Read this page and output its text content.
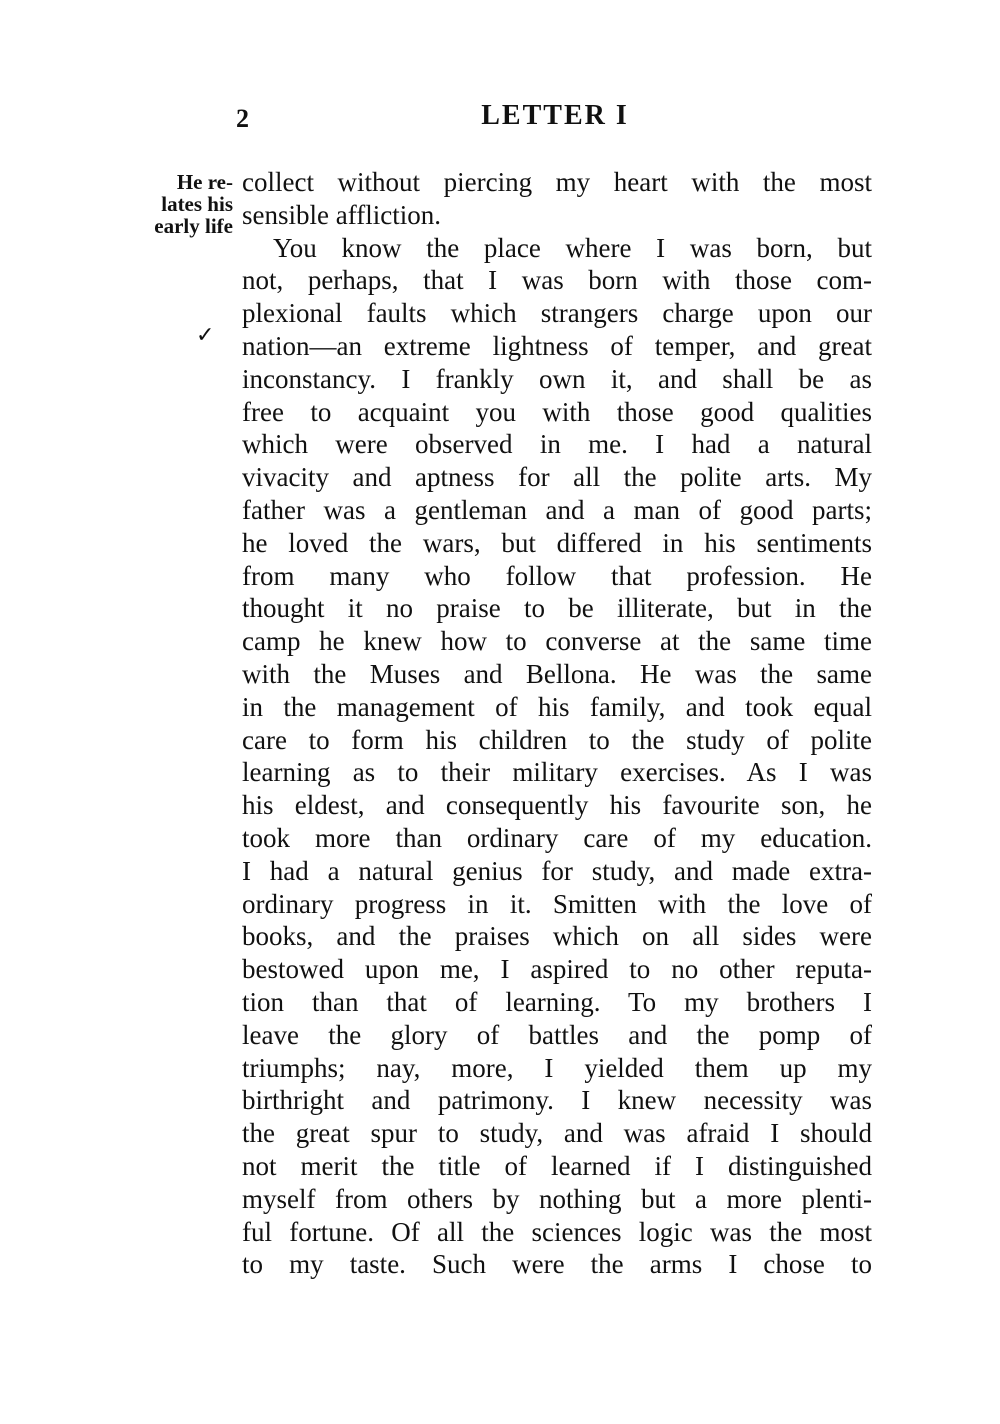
2	LETTER I
He re-
lates his
early life
✓
collect without piercing my heart with the most
sensible affliction.
You know the place where I was born, but
not, perhaps, that I was born with those com-
plexional faults which strangers charge upon our
nation—an extreme lightness of temper, and great
inconstancy. I frankly own it, and shall be as
free to acquaint you with those good qualities
which were observed in me. I had a natural
vivacity and aptness for all the polite arts. My
father was a gentleman and a man of good parts;
he loved the wars, but differed in his sentiments
from many who follow that profession. He
thought it no praise to be illiterate, but in the
camp he knew how to converse at the same time
with the Muses and Bellona. He was the same
in the management of his family, and took equal
care to form his children to the study of polite
learning as to their military exercises. As I was
his eldest, and consequently his favourite son, he
took more than ordinary care of my education.
I had a natural genius for study, and made extra-
ordinary progress in it. Smitten with the love of
books, and the praises which on all sides were
bestowed upon me, I aspired to no other reputa-
tion than that of learning. To my brothers I
leave the glory of battles and the pomp of
triumphs; nay, more, I yielded them up my
birthright and patrimony. I knew necessity was
the great spur to study, and was afraid I should
not merit the title of learned if I distinguished
myself from others by nothing but a more plenti-
ful fortune. Of all the sciences logic was the most
to my taste. Such were the arms I chose to
